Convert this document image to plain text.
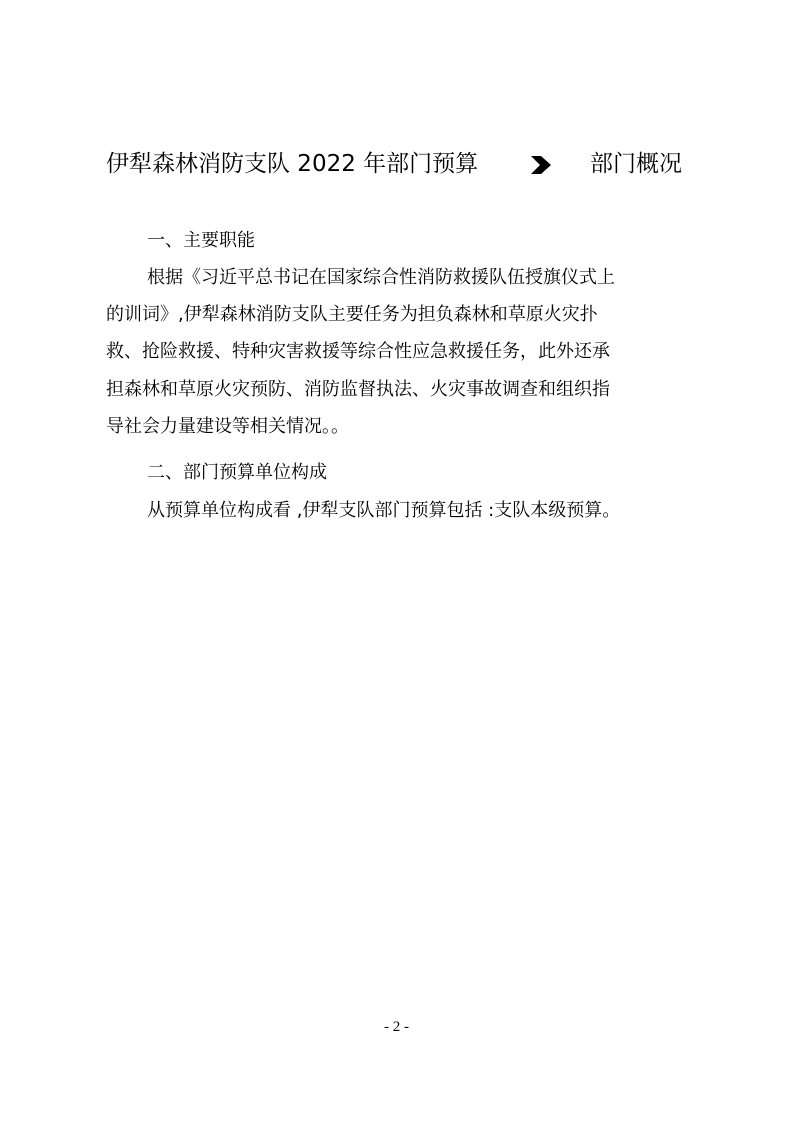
伊犁森林消防支队 2022 年部门预算	部门概况
一、主要职能
根据《习近平总书记在国家综合性消防救援队伍授旗仪式上
的训词》,伊犁森林消防支队主要任务为担负森林和草原火灾扑
救、抢险救援、特种灾害救援等综合性应急救援任务，此外还承
担森林和草原火灾预防、消防监督执法、火灾事故调查和组织指
导社会力量建设等相关情况。。
二、部门预算单位构成
从预算单位构成看 ,伊犁支队部门预算包括 :支队本级预算。
- 2 -
